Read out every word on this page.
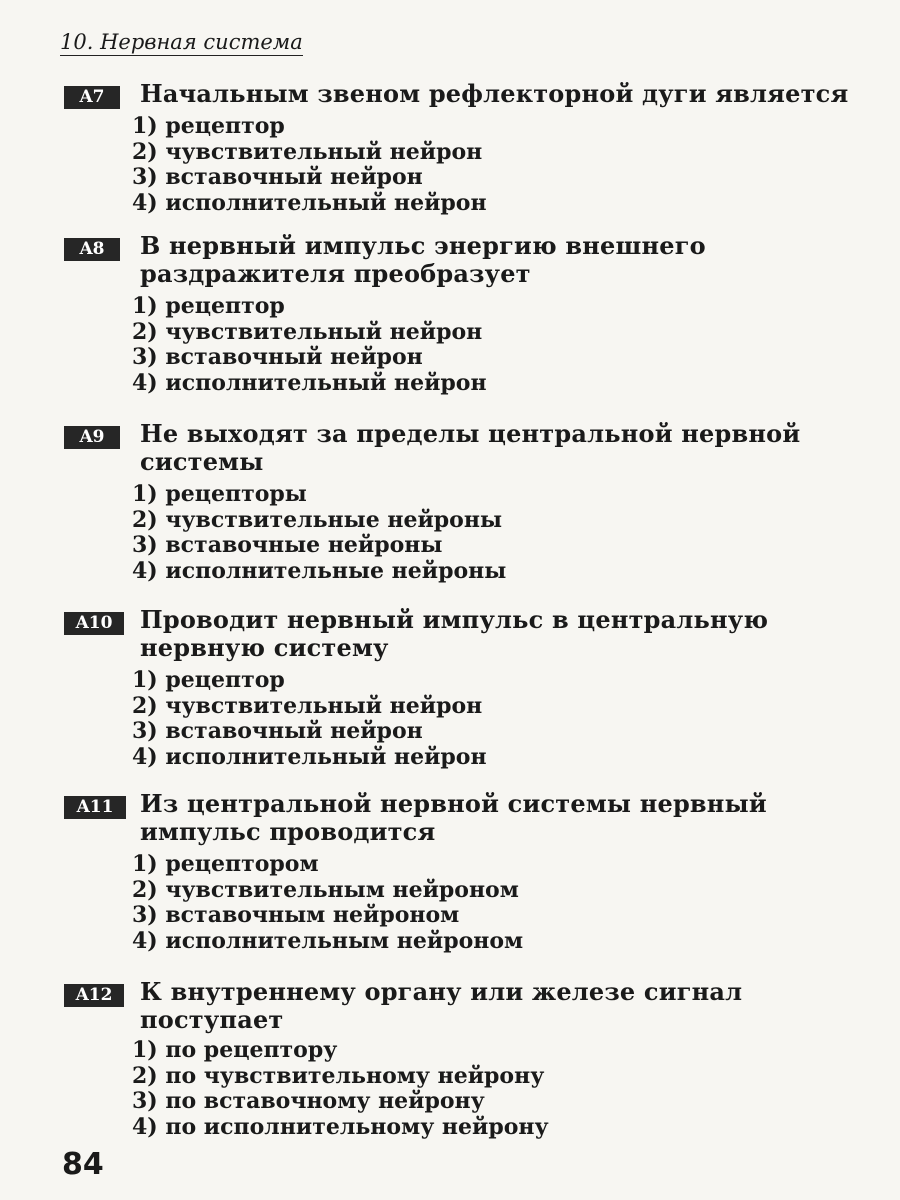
10. Нервная система
A7	Начальным звеном рефлекторной дуги является
1) рецептор
2) чувствительный нейрон
3) вставочный нейрон
4) исполнительный нейрон
A8	В нервный импульс энергию внешнего раздражителя преобразует
1) рецептор
2) чувствительный нейрон
3) вставочный нейрон
4) исполнительный нейрон
A9	Не выходят за пределы центральной нервной системы
1) рецепторы
2) чувствительные нейроны
3) вставочные нейроны
4) исполнительные нейроны
A10	Проводит нервный импульс в центральную нервную систему
1) рецептор
2) чувствительный нейрон
3) вставочный нейрон
4) исполнительный нейрон
A11	Из центральной нервной системы нервный импульс проводится
1) рецептором
2) чувствительным нейроном
3) вставочным нейроном
4) исполнительным нейроном
A12	К внутреннему органу или железе сигнал поступает
1) по рецептору
2) по чувствительному нейрону
3) по вставочному нейрону
4) по исполнительному нейрону
84
